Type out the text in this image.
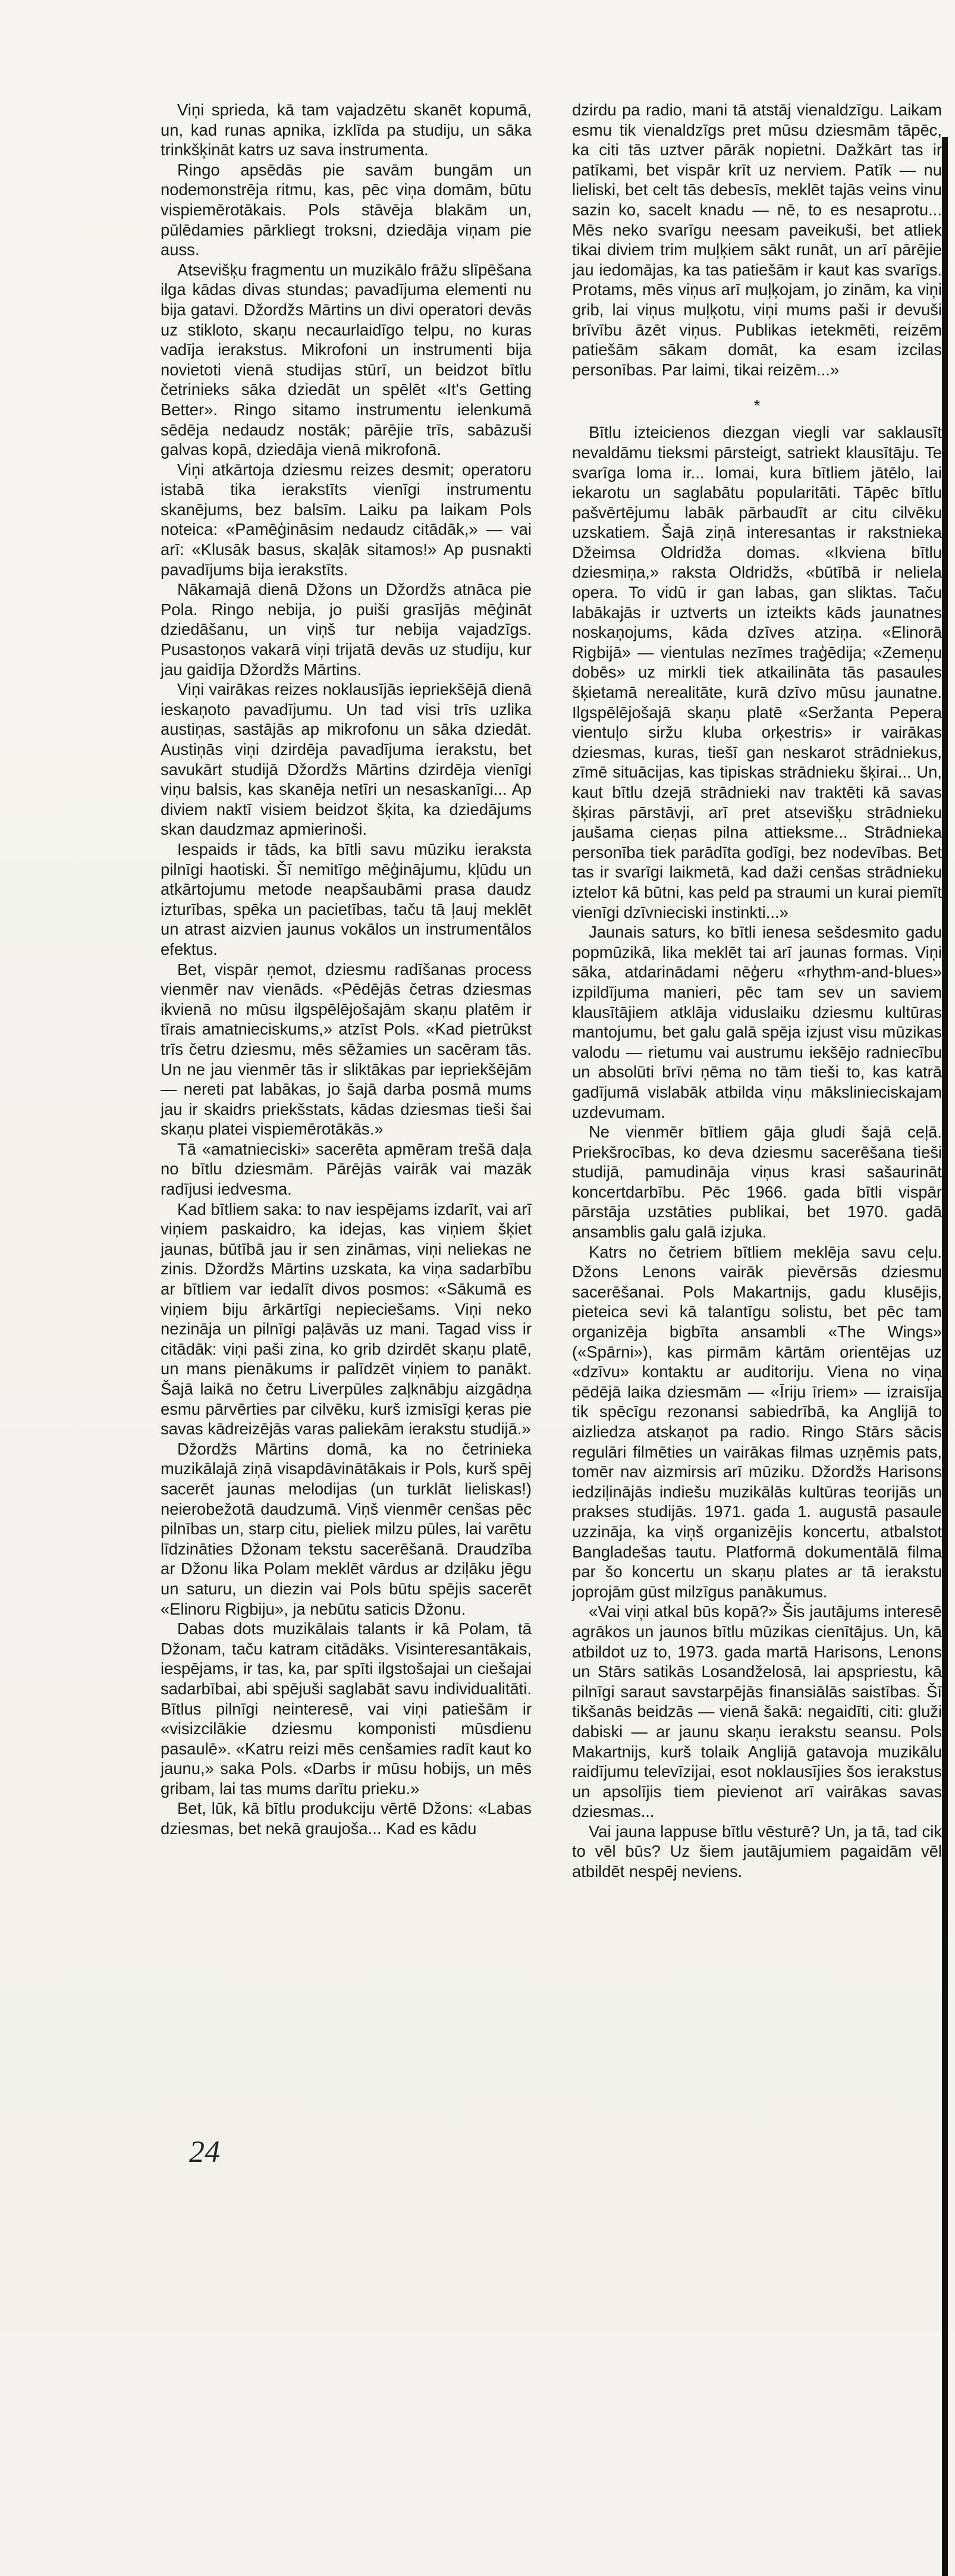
Viņi sprieda, kā tam vajadzētu skanēt kopumā, un, kad runas apnika, izklīda pa studiju, un sāka trinkšķināt katrs uz sava instrumenta.

Ringo apsēdās pie savām bungām un nodemonstrēja ritmu, kas, pēc viņa domām, būtu vispiemērotākais. Pols stāvēja blakām un, pūlēdamies pārkliegt troksni, dziedāja viņam pie auss.

Atsevišķu fragmentu un muzikālo frāžu slīpēšana ilga kādas divas stundas; pavadījuma elementi nu bija gatavi. Džordžs Mārtins un divi operatori devās uz stikloto, skaņu necaurlaidīgo telpu, no kuras vadīja ierakstus. Mikrofoni un instrumenti bija novietoti vienā studijas stūrī, un beidzot bītlu četrinieks sāka dziedāt un spēlēt «It's Getting Better». Ringo sitamo instrumentu ielenkumā sēdēja nedaudz nostāk; pārējie trīs, sabāzuši galvas kopā, dziedāja vienā mikrofonā.

Viņi atkārtoja dziesmu reizes desmit; operatoru istabā tika ierakstīts vienīgi instrumentu skanējums, bez balsīm. Laiku pa laikam Pols noteica: «Pamēģināsim nedaudz citādāk,» — vai arī: «Klusāk basus, skaļāk sitamos!» Ap pusnakti pavadījums bija ierakstīts.

Nākamajā dienā Džons un Džordžs atnāca pie Pola. Ringo nebija, jo puiši grasījās mēģināt dziedāšanu, un viņš tur nebija vajadzīgs. Pusastoņos vakarā viņi trijatā devās uz studiju, kur jau gaidīja Džordžs Mārtins.

Viņi vairākas reizes noklausījās iepriekšējā dienā ieskaņoto pavadījumu. Un tad visi trīs uzlika austiņas, sastājās ap mikrofonu un sāka dziedāt. Austiņās viņi dzirdēja pavadījuma ierakstu, bet savukārt studijā Džordžs Mārtins dzirdēja vienīgi viņu balsis, kas skanēja netīri un nesaskanīgi... Ap diviem naktī visiem beidzot šķita, ka dziedājums skan daudzmaz apmierinoši.

Iespaids ir tāds, ka bītli savu mūziku ieraksta pilnīgi haotiski. Šī nemitīgo mēģinājumu, kļūdu un atkārtojumu metode neapšaubāmi prasa daudz izturības, spēka un pacietības, taču tā ļauj meklēt un atrast aizvien jaunus vokālos un instrumentālos efektus.

Bet, vispār ņemot, dziesmu radīšanas process vienmēr nav vienāds. «Pēdējās četras dziesmas ikvienā no mūsu ilgspēlējošajām skaņu platēm ir tīrais amatnieciskums,» atzīst Pols. «Kad pietrūkst trīs četru dziesmu, mēs sēžamies un sacēram tās. Un ne jau vienmēr tās ir sliktākas par iepriekšējām — nereti pat labākas, jo šajā darba posmā mums jau ir skaidrs priekšstats, kādas dziesmas tieši šai skaņu platei vispiemērotākās.»

Tā «amatnieciski» sacerēta apmēram trešā daļa no bītlu dziesmām. Pārējās vairāk vai mazāk radījusi iedvesma.

Kad bītliem saka: to nav iespējams izdarīt, vai arī viņiem paskaidro, ka idejas, kas viņiem šķiet jaunas, būtībā jau ir sen zināmas, viņi neliekas ne zinis. Džordžs Mārtins uzskata, ka viņa sadarbību ar bītliem var iedalīt divos posmos: «Sākumā es viņiem biju ārkārtīgi nepieciešams. Viņi neko nezināja un pilnīgi paļāvās uz mani. Tagad viss ir citādāk: viņi paši zina, ko grib dzirdēt skaņu platē, un mans pienākums ir palīdzēt viņiem to panākt. Šajā laikā no četru Liverpūles zaļknābju aizgādņa esmu pārvērties par cilvēku, kurš izmisīgi ķeras pie savas kādreizējās varas paliekām ierakstu studijā.»

Džordžs Mārtins domā, ka no četrinieka muzikālajā ziņā visapdāvinātākais ir Pols, kurš spēj sacerēt jaunas melodijas (un turklāt lieliskas!) neierobežotā daudzumā. Viņš vienmēr cenšas pēc pilnības un, starp citu, pieliek milzu pūles, lai varētu līdzināties Džonam tekstu sacerēšanā. Draudzība ar Džonu lika Polam meklēt vārdus ar dziļāku jēgu un saturu, un diezin vai Pols būtu spējis sacerēt «Elinoru Rigbiju», ja nebūtu saticis Džonu.

Dabas dots muzikālais talants ir kā Polam, tā Džonam, taču katram citādāks. Visinteresantākais, iespējams, ir tas, ka, par spīti ilgstošajai un ciešajai sadarbībai, abi spējuši saglabāt savu individualitāti. Bītlus pilnīgi neinteresē, vai viņi patiešām ir «visizcilākie dziesmu komponisti mūsdienu pasaulē». «Katru reizi mēs cenšamies radīt kaut ko jaunu,» saka Pols. «Darbs ir mūsu hobijs, un mēs gribam, lai tas mums darītu prieku.»

Bet, lūk, kā bītlu produkciju vērtē Džons: «Labas dziesmas, bet nekā graujoša... Kad es kādu

dzirdu pa radio, mani tā atstāj vienaldzīgu. Laikam esmu tik vienaldzīgs pret mūsu dziesmām tāpēc, ka citi tās uztver pārāk nopietni. Dažkārt tas ir patīkami, bet vispār krīt uz nerviem. Patīk — nu lieliski, bet celt tās debesīs, meklēt tajās veins vinu sazin ko, sacelt knadu — nē, to es nesaprotu... Mēs neko svarīgu neesam paveikuši, bet atliek tikai diviem trim muļķiem sākt runāt, un arī pārējie jau iedomājas, ka tas patiešām ir kaut kas svarīgs. Protams, mēs viņus arī muļķojam, jo zinām, ka viņi grib, lai viņus muļķotu, viņi mums paši ir devuši brīvību āzēt viņus. Publikas ietekmēti, reizēm patiešām sākam domāt, ka esam izcilas personības. Par laimi, tikai reizēm...»

*

Bītlu izteicienos diezgan viegli var saklausīt nevaldāmu tieksmi pārsteigt, satriekt klausītāju. Te svarīga loma ir... lomai, kura bītliem jātēlo, lai iekarotu un saglabātu popularitāti. Tāpēc bītlu pašvērtējumu labāk pārbaudīt ar citu cilvēku uzskatiem. Šajā ziņā interesantas ir rakstnieka Džeimsa Oldridža domas. «Ikviena bītlu dziesmiņa,» raksta Oldridžs, «būtībā ir neliela opera. To vidū ir gan labas, gan sliktas. Taču labākajās ir uztverts un izteikts kāds jaunatnes noskaņojums, kāda dzīves atziņa. «Elinorā Rigbijā» — vientulas nezīmes traģēdija; «Zemeņu dobēs» uz mirkli tiek atkailināta tās pasaules šķietamā nerealitāte, kurā dzīvo mūsu jaunatne. Ilgspēlējošajā skaņu platē «Seržanta Pepera vientuļo siržu kluba orķestris» ir vairākas dziesmas, kuras, tiešī gan neskarot strādniekus, zīmē situācijas, kas tipiskas strādnieku šķirai... Un, kaut bītlu dzejā strādnieki nav traktēti kā savas šķiras pārstāvji, arī pret atsevišķu strādnieku jaušama cieņas pilna attieksme... Strādnieka personība tiek parādīta godīgi, bez nodevības. Bet tas ir svarīgi laikmetā, kad daži cenšas strādnieku izteloт kā būtni, kas peld pa straumi un kurai piemīt vienīgi dzīvnieciski instinkti...»

Jaunais saturs, ko bītli ienesa sešdesmito gadu popmūzikā, lika meklēt tai arī jaunas formas. Viņi sāka, atdarinādami nēģeru «rhythm-and-blues» izpildījuma manieri, pēc tam sev un saviem klausītājiem atklāja viduslaiku dziesmu kultūras mantojumu, bet galu galā spēja izjust visu mūzikas valodu — rietumu vai austrumu iekšējo radniecību un absolūti brīvi ņēma no tām tieši to, kas katrā gadījumā vislabāk atbilda viņu mākslinieciskajam uzdevumam.

Ne vienmēr bītliem gāja gludi šajā ceļā. Priekšrocības, ko deva dziesmu sacerēšana tieši studijā, pamudināja viņus krasi sašaurināt koncertdarbību. Pēc 1966. gada bītli vispār pārstāja uzstāties publikai, bet 1970. gadā ansamblis galu galā izjuka.

Katrs no četriem bītliem meklēja savu ceļu. Džons Lenons vairāk pievērsās dziesmu sacerēšanai. Pols Makartnijs, gadu klusējis, pieteica sevi kā talantīgu solistu, bet pēc tam organizēja bigbīta ansambli «The Wings» («Spārni»), kas pirmām kārtām orientējas uz «dzīvu» kontaktu ar auditoriju. Viena no viņa pēdējā laika dziesmām — «Īriju īriem» — izraisīja tik spēcīgu rezonansi sabiedrībā, ka Anglijā to aizliedza atskaņot pa radio. Ringo Stārs sācis regulāri filmēties un vairākas filmas uzņēmis pats, tomēr nav aizmirsis arī mūziku. Džordžs Harisons iedziļinājās indiešu muzikālās kultūras teorijās un prakses studijās. 1971. gada 1. augustā pasaule uzzināja, ka viņš organizējis koncertu, atbalstot Bangladešas tautu. Platformā dokumentālā filma par šo koncertu un skaņu plates ar tā ierakstu joprojām gūst milzīgus panākumus.

«Vai viņi atkal būs kopā?» Šis jautājums interesē agrākos un jaunos bītlu mūzikas cienītājus. Un, kā atbildot uz to, 1973. gada martā Harisons, Lenons un Stārs satikās Losandželosā, lai apspriestu, kā pilnīgi saraut savstarpējās finansiālās saistības. Šī tikšanās beidzās — vienā šakā: negaidīti, citi: gluži dabiski — ar jaunu skaņu ierakstu seansu. Pols Makartnijs, kurš tolaik Anglijā gatavoja muzikālu raidījumu televīzijai, esot noklausījies šos ierakstus un apsolījis tiem pievienot arī vairākas savas dziesmas...

Vai jauna lappuse bītlu vēsturē? Un, ja tā, tad cik to vēl būs? Uz šiem jautājumiem pagaidām vēl atbildēt nespēj neviens.

24
